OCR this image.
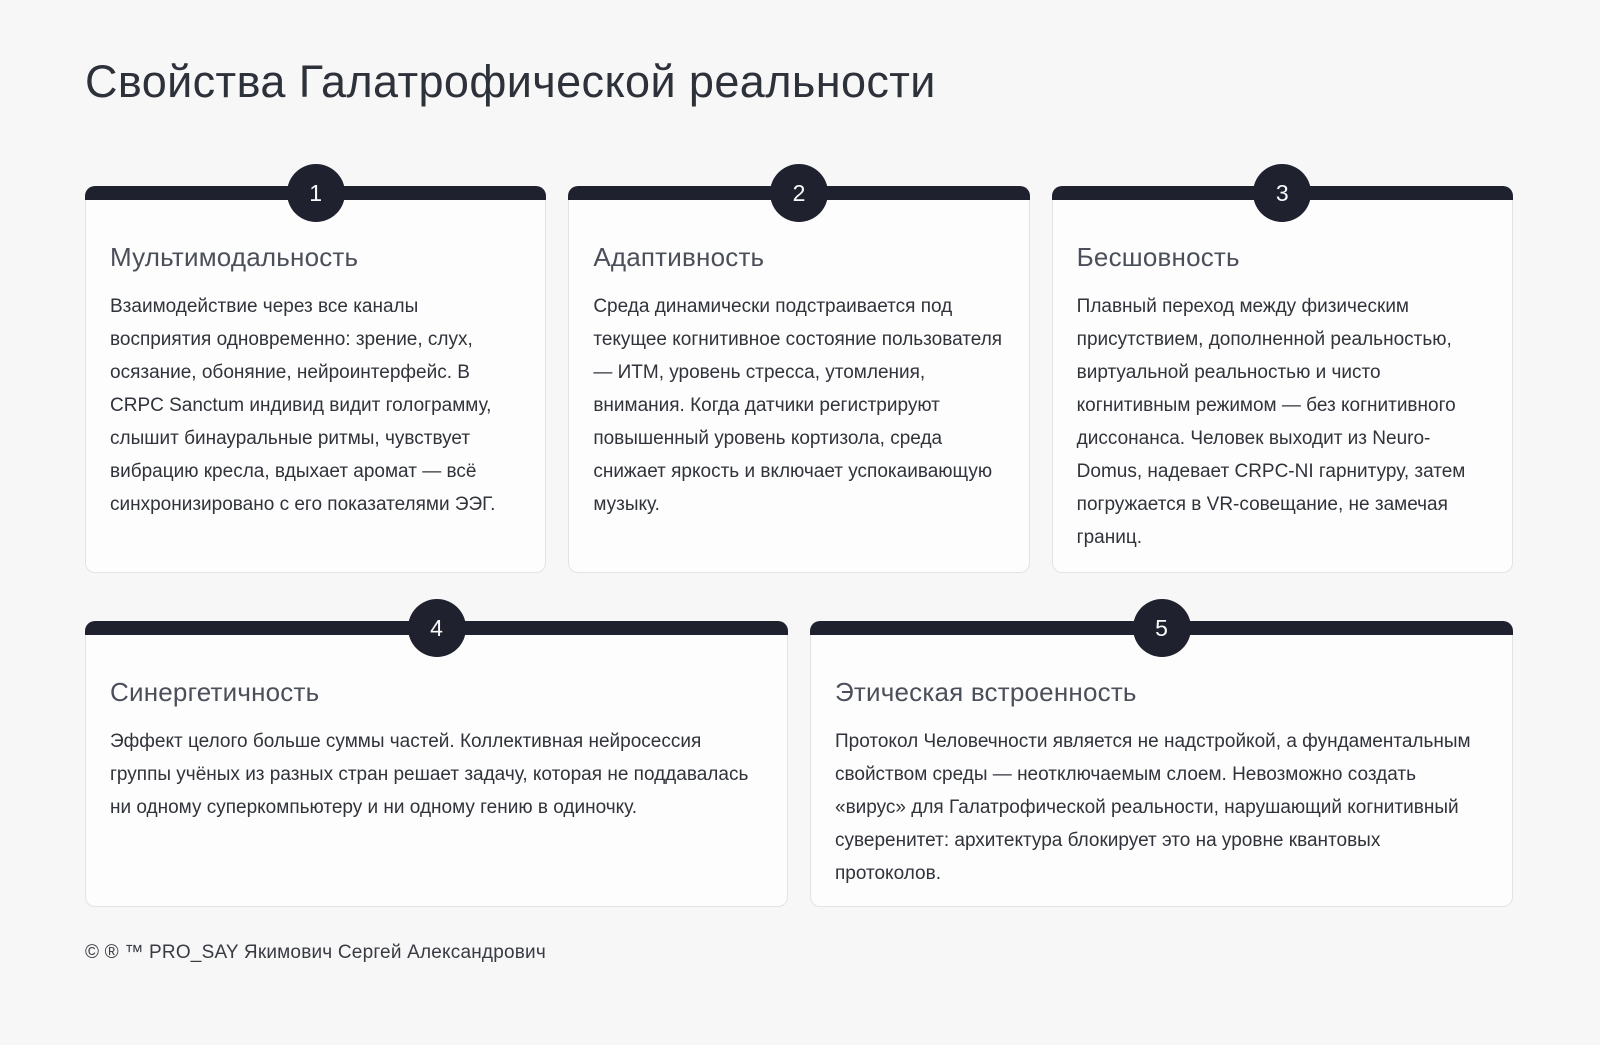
Свойства Галатрофической реальности
1
Мультимодальность

Взаимодействие через все каналы восприятия одновременно: зрение, слух, осязание, обоняние, нейроинтерфейс. В CRPC Sanctum индивид видит голограмму, слышит бинауральные ритмы, чувствует вибрацию кресла, вдыхает аромат — всё синхронизировано с его показателями ЭЭГ.

2
Адаптивность

Среда динамически подстраивается под текущее когнитивное состояние пользователя — ИТМ, уровень стресса, утомления, внимания. Когда датчики регистрируют повышенный уровень кортизола, среда снижает яркость и включает успокаивающую музыку.

3
Бесшовность

Плавный переход между физическим присутствием, дополненной реальностью, виртуальной реальностью и чисто когнитивным режимом — без когнитивного диссонанса. Человек выходит из Neuro-Domus, надевает CRPC-NI гарнитуру, затем погружается в VR-совещание, не замечая границ.

4
Синергетичность

Эффект целого больше суммы частей. Коллективная нейросессия группы учёных из разных стран решает задачу, которая не поддавалась ни одному суперкомпьютеру и ни одному гению в одиночку.

5
Этическая встроенность

Протокол Человечности является не надстройкой, а фундаментальным свойством среды — неотключаемым слоем. Невозможно создать «вирус» для Галатрофической реальности, нарушающий когнитивный суверенитет: архитектура блокирует это на уровне квантовых протоколов.

© ® ™ PRO_SAY Якимович Сергей Александрович
